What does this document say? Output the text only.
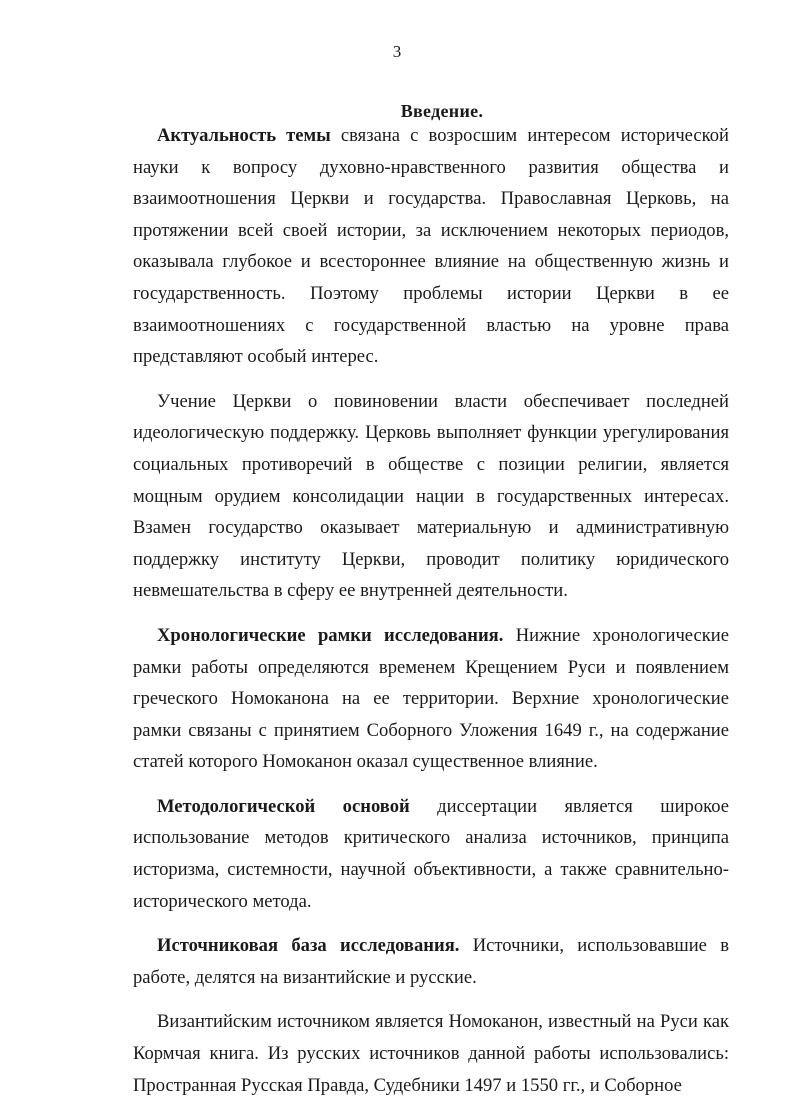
3
Введение.

Актуальность темы связана с возросшим интересом исторической науки к вопросу духовно-нравственного развития общества и взаимоотношения Церкви и государства. Православная Церковь, на протяжении всей своей истории, за исключением некоторых периодов, оказывала глубокое и всестороннее влияние на общественную жизнь и государственность. Поэтому проблемы истории Церкви в ее взаимоотношениях с государственной властью на уровне права представляют особый интерес.

Учение Церкви о повиновении власти обеспечивает последней идеологическую поддержку. Церковь выполняет функции урегулирования социальных противоречий в обществе с позиции религии, является мощным орудием консолидации нации в государственных интересах. Взамен государство оказывает материальную и административную поддержку институту Церкви, проводит политику юридического невмешательства в сферу ее внутренней деятельности.

Хронологические рамки исследования. Нижние хронологические рамки работы определяются временем Крещением Руси и появлением греческого Номоканона на ее территории. Верхние хронологические рамки связаны с принятием Соборного Уложения 1649 г., на содержание статей которого Номоканон оказал существенное влияние.

Методологической основой диссертации является широкое использование методов критического анализа источников, принципа историзма, системности, научной объективности, а также сравнительно-исторического метода.

Источниковая база исследования. Источники, использовавшие в работе, делятся на византийские и русские.

Византийским источником является Номоканон, известный на Руси как Кормчая книга. Из русских источников данной работы использовались: Пространная Русская Правда, Судебники 1497 и 1550 гг., и Соборное
